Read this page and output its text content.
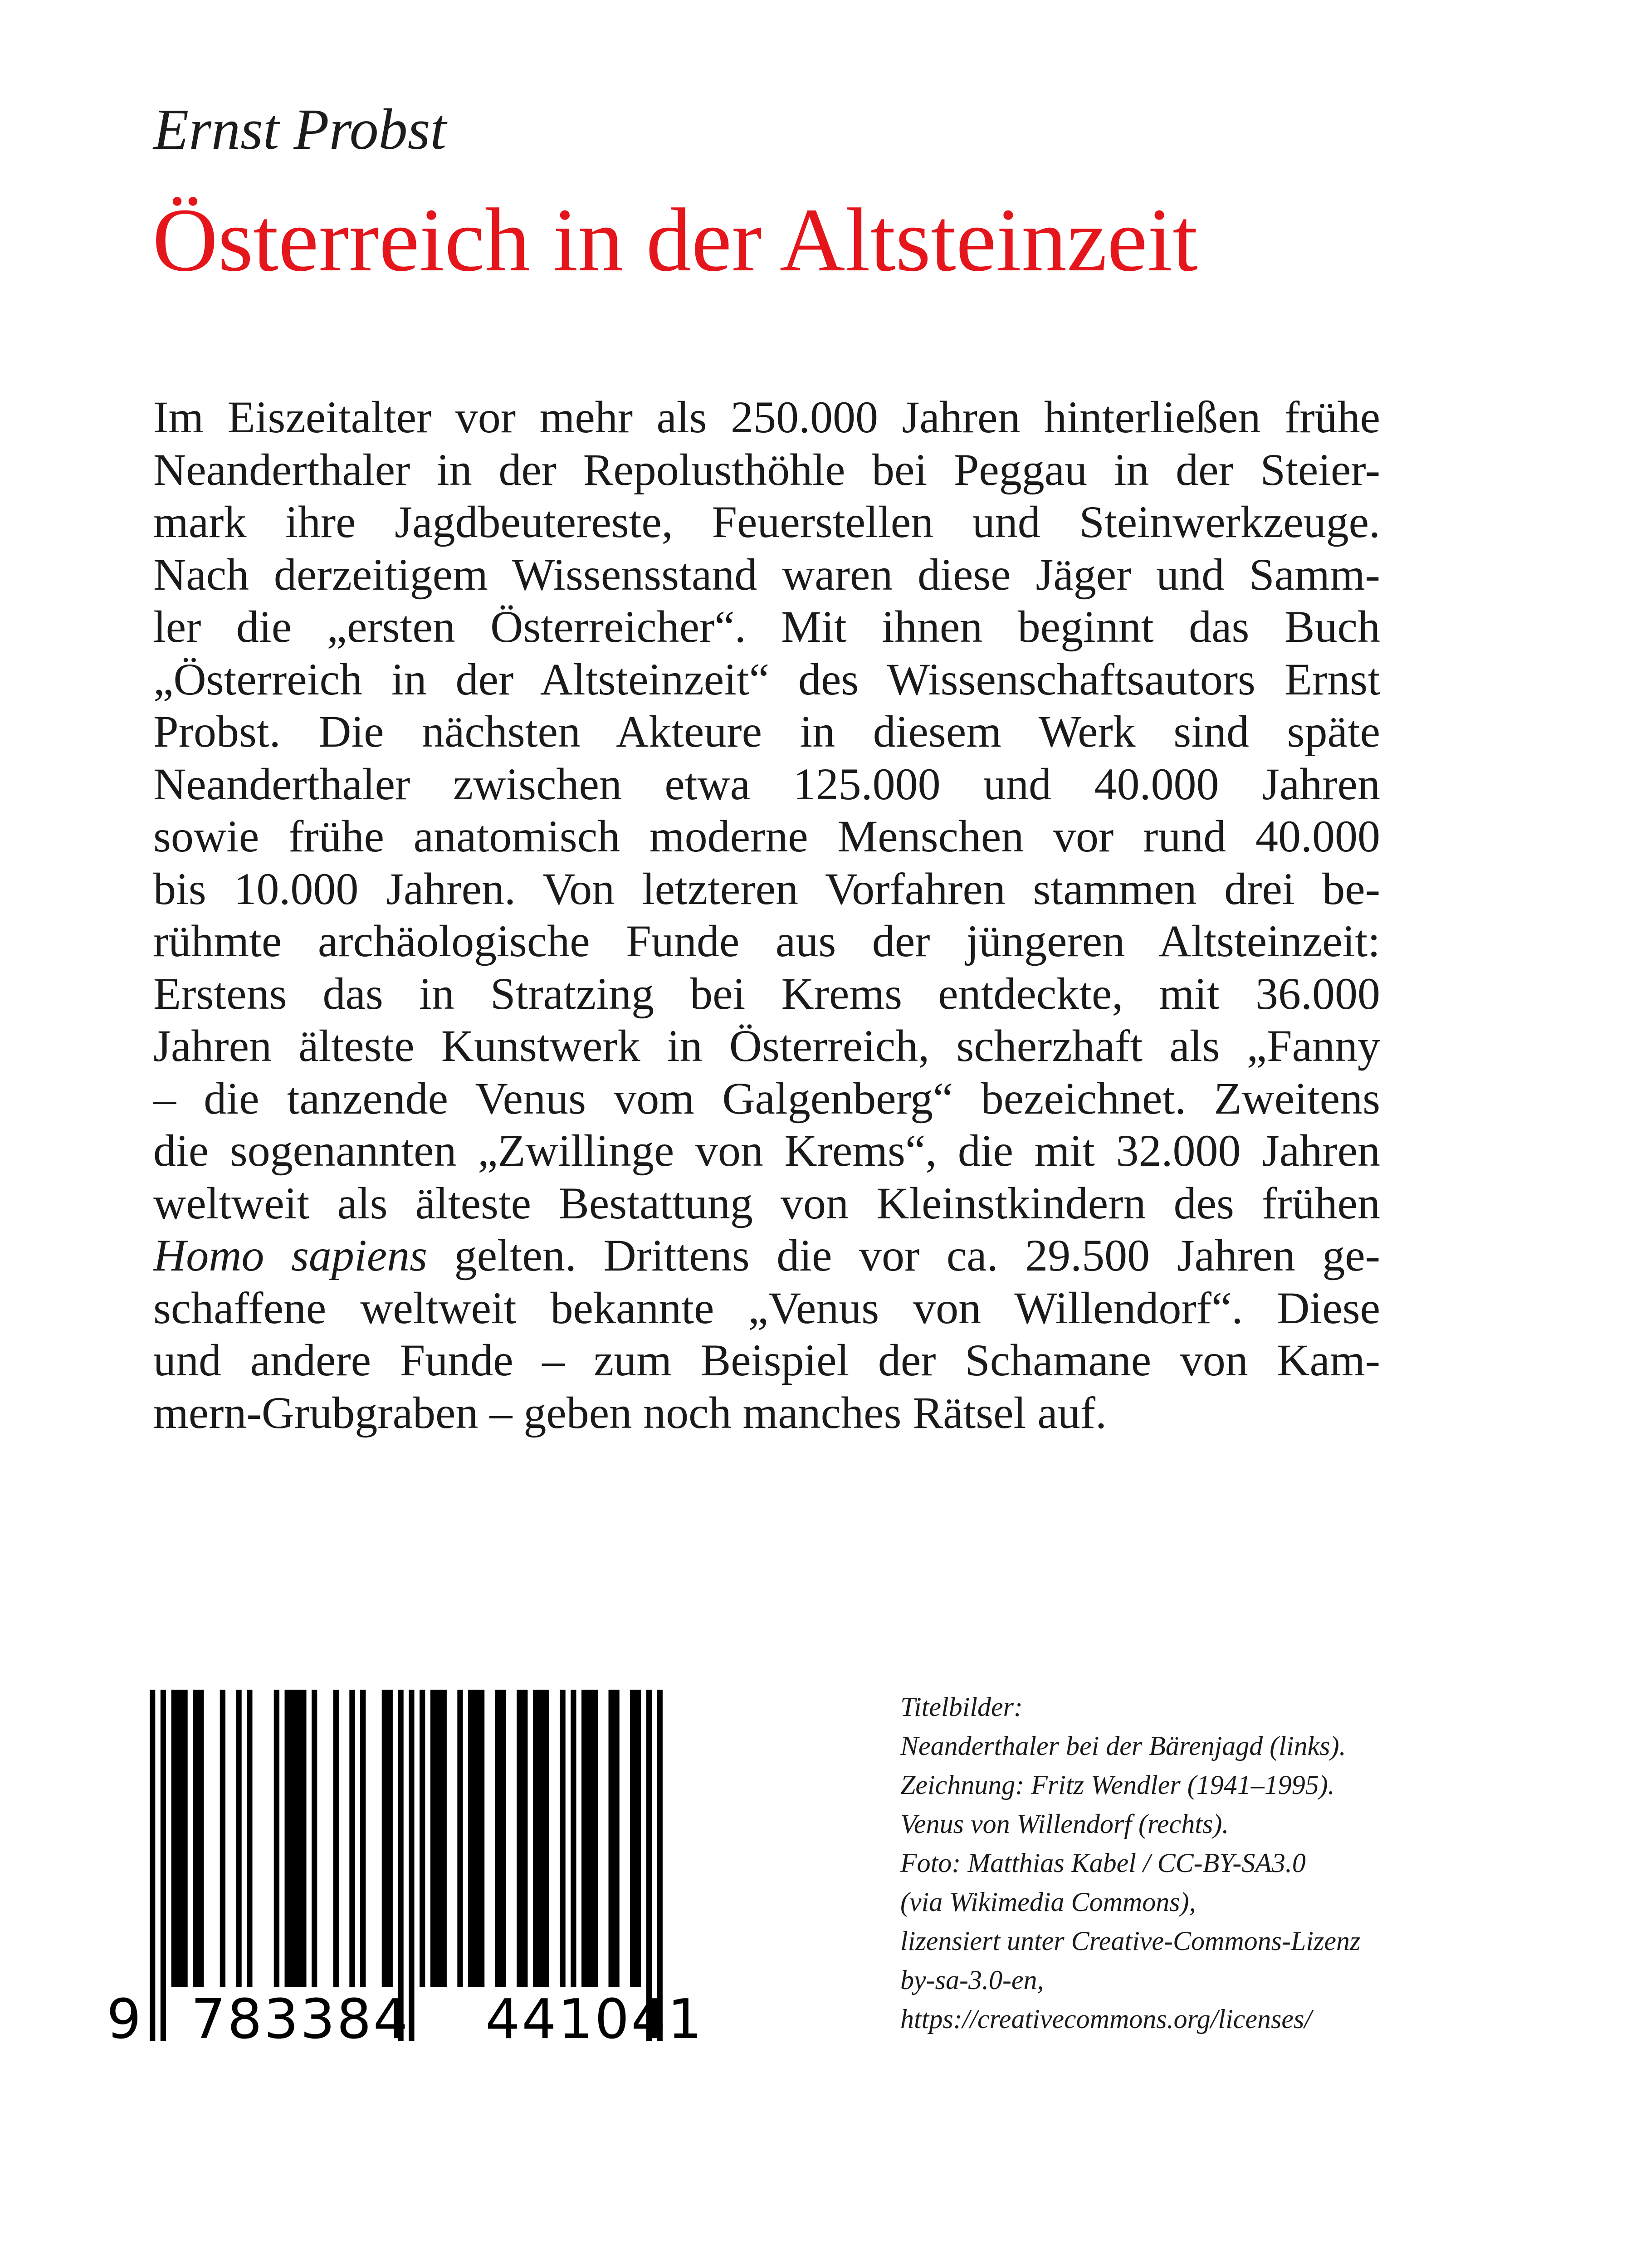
Ernst Probst
Österreich in der Altsteinzeit
Im Eiszeitalter vor mehr als 250.000 Jahren hinterließen frühe
Neanderthaler in der Repolusthöhle bei Peggau in der Steier-
mark ihre Jagdbeutereste, Feuerstellen und Steinwerkzeuge.
Nach derzeitigem Wissensstand waren diese Jäger und Samm-
ler die „ersten Österreicher“. Mit ihnen beginnt das Buch
„Österreich in der Altsteinzeit“ des Wissenschaftsautors Ernst
Probst. Die nächsten Akteure in diesem Werk sind späte
Neanderthaler zwischen etwa 125.000 und 40.000 Jahren
sowie frühe anatomisch moderne Menschen vor rund 40.000
bis 10.000 Jahren. Von letzteren Vorfahren stammen drei be-
rühmte archäologische Funde aus der jüngeren Altsteinzeit:
Erstens das in Stratzing bei Krems entdeckte, mit 36.000
Jahren älteste Kunstwerk in Österreich, scherzhaft als „Fanny
– die tanzende Venus vom Galgenberg“ bezeichnet. Zweitens
die sogenannten „Zwillinge von Krems“, die mit 32.000 Jahren
weltweit als älteste Bestattung von Kleinstkindern des frühen
Homo sapiens gelten. Drittens die vor ca. 29.500 Jahren ge-
schaffene weltweit bekannte „Venus von Willendorf“. Diese
und andere Funde – zum Beispiel der Schamane von Kam-
mern-Grubgraben – geben noch manches Rätsel auf.
9 783384 441041
Titelbilder:
Neanderthaler bei der Bärenjagd (links).
Zeichnung: Fritz Wendler (1941–1995).
Venus von Willendorf (rechts).
Foto: Matthias Kabel / CC-BY-SA3.0
(via Wikimedia Commons),
lizensiert unter Creative-Commons-Lizenz
by-sa-3.0-en,
https://creativecommons.org/licenses/
